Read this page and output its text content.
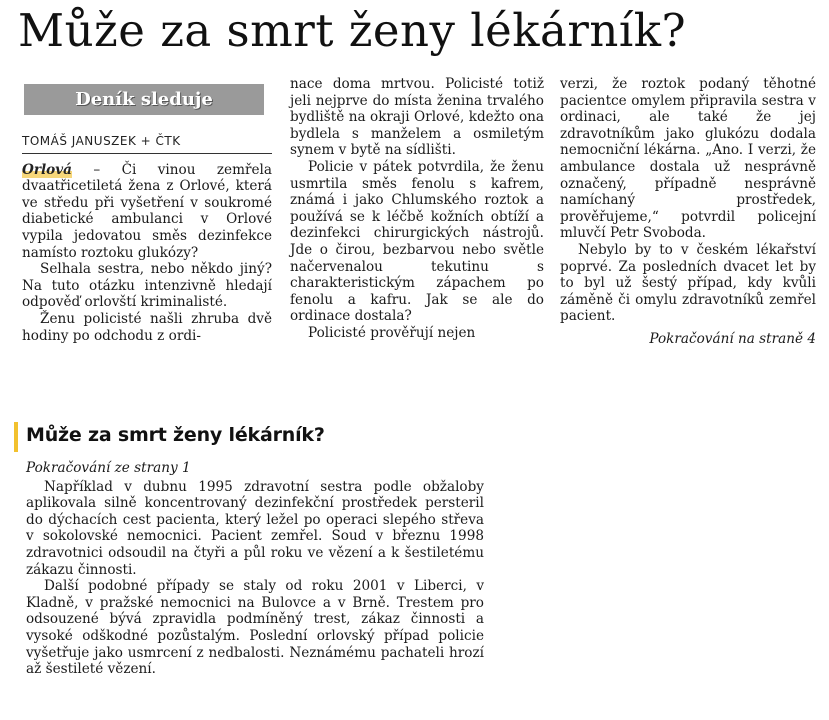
Může za smrt ženy lékárník?
Deník sleduje
TOMÁŠ JANUSZEK + ČTK

Orlová – Či vinou zemřela dvaatřicetiletá žena z Orlové, která ve středu při vyšetření v soukromé diabetické ambulanci v Orlové vypila jedovatou směs dezinfekce namísto roztoku glukózy?

Selhala sestra, nebo někdo jiný? Na tuto otázku intenzivně hledají odpověď orlovští kriminalisté.

Ženu policisté našli zhruba dvě hodiny po odchodu z ordi-

nace doma mrtvou. Policisté totiž jeli nejprve do místa ženina trvalého bydliště na okraji Orlové, kdežto ona bydlela s manželem a osmiletým synem v bytě na sídlišti.

Policie v pátek potvrdila, že ženu usmrtila směs fenolu s kafrem, známá i jako Chlumského roztok a používá se k léčbě kožních obtíží a dezinfekci chirurgických nástrojů. Jde o čirou, bezbarvou nebo světle načervenalou tekutinu s charakteristickým zápachem po fenolu a kafru. Jak se ale do ordinace dostala?

Policisté prověřují nejen

verzi, že roztok podaný těhotné pacientce omylem připravila sestra v ordinaci, ale také že jej zdravotníkům jako glukózu dodala nemocniční lékárna. „Ano. I verzi, že ambulance dostala už nesprávně označený, případně nesprávně namíchaný prostředek, prověřujeme,“ potvrdil policejní mluvčí Petr Svoboda.

Nebylo by to v českém lékařství poprvé. Za posledních dvacet let by to byl už šestý případ, kdy kvůli záměně či omylu zdravotníků zemřel pacient.

Pokračování na straně 4
Může za smrt ženy lékárník?

Pokračování ze strany 1

Například v dubnu 1995 zdravotní sestra podle obžaloby aplikovala silně koncentrovaný dezinfekční prostředek persteril do dýchacích cest pacienta, který ležel po operaci slepého střeva v sokolovské nemocnici. Pacient zemřel. Soud v březnu 1998 zdravotnici odsoudil na čtyři a půl roku ve vězení a k šestiletému zákazu činnosti.

Další podobné případy se staly od roku 2001 v Liberci, v Kladně, v pražské nemocnici na Bulovce a v Brně. Trestem pro odsouzené bývá zpravidla podmíněný trest, zákaz činnosti a vysoké odškodné pozůstalým. Poslední orlovský případ policie vyšetřuje jako usmrcení z nedbalosti. Neznámému pachateli hrozí až šestileté vězení.
